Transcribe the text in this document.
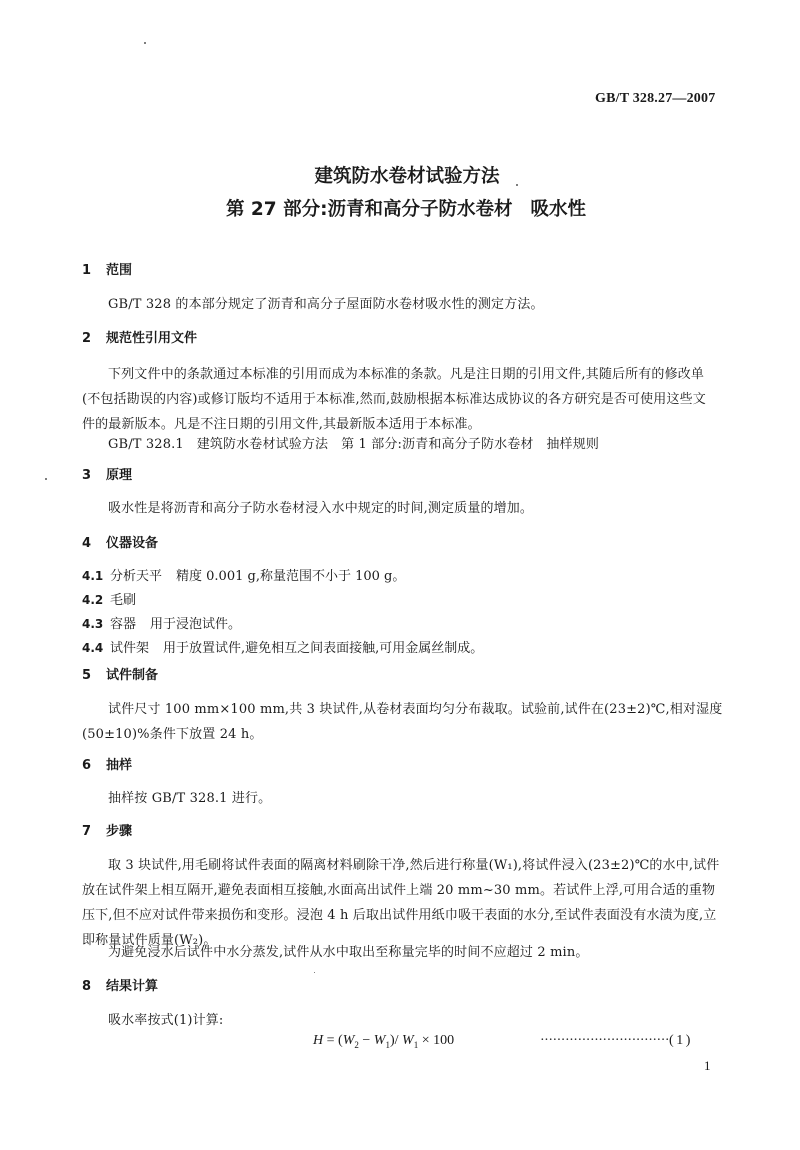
GB/T 328.27—2007
建筑防水卷材试验方法
第 27 部分:沥青和高分子防水卷材 吸水性
1 范围
GB/T 328 的本部分规定了沥青和高分子屋面防水卷材吸水性的测定方法。
2 规范性引用文件
下列文件中的条款通过本标准的引用而成为本标准的条款。凡是注日期的引用文件,其随后所有的修改单(不包括勘误的内容)或修订版均不适用于本标准,然而,鼓励根据本标准达成协议的各方研究是否可使用这些文件的最新版本。凡是不注日期的引用文件,其最新版本适用于本标准。
GB/T 328.1 建筑防水卷材试验方法 第 1 部分:沥青和高分子防水卷材 抽样规则
3 原理
吸水性是将沥青和高分子防水卷材浸入水中规定的时间,测定质量的增加。
4 仪器设备
4.1 分析天平 精度 0.001 g,称量范围不小于 100 g。
4.2 毛刷
4.3 容器 用于浸泡试件。
4.4 试件架 用于放置试件,避免相互之间表面接触,可用金属丝制成。
5 试件制备
试件尺寸 100 mm×100 mm,共 3 块试件,从卷材表面均匀分布裁取。试验前,试件在(23±2)℃,相对湿度(50±10)%条件下放置 24 h。
6 抽样
抽样按 GB/T 328.1 进行。
7 步骤
取 3 块试件,用毛刷将试件表面的隔离材料刷除干净,然后进行称量(W₁),将试件浸入(23±2)℃的水中,试件放在试件架上相互隔开,避免表面相互接触,水面高出试件上端 20 mm~30 mm。若试件上浮,可用合适的重物压下,但不应对试件带来损伤和变形。浸泡 4 h 后取出试件用纸巾吸干表面的水分,至试件表面没有水渍为度,立即称量试件质量(W₂)。
为避免浸水后试件中水分蒸发,试件从水中取出至称量完毕的时间不应超过 2 min。
8 结果计算
吸水率按式(1)计算:
$H = (W_2 - W_1)/$ $W_1 \times 100$	·······························( 1 )
1
